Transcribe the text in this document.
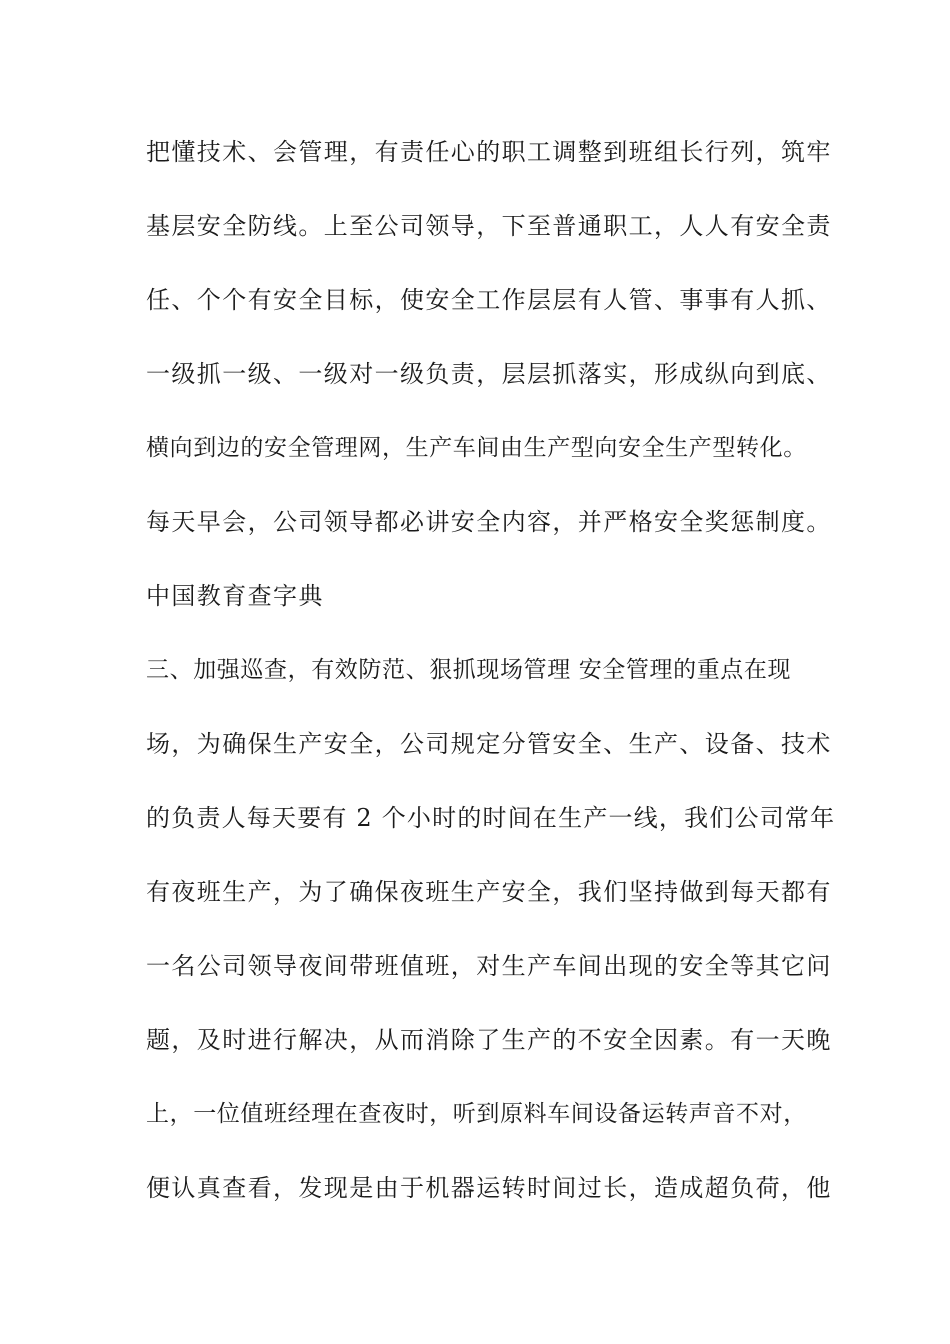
把懂技术、会管理，有责任心的职工调整到班组长行列，筑牢
基层安全防线。上至公司领导，下至普通职工，人人有安全责
任、个个有安全目标，使安全工作层层有人管、事事有人抓、
一级抓一级、一级对一级负责，层层抓落实，形成纵向到底、
横向到边的安全管理网，生产车间由生产型向安全生产型转化。
每天早会，公司领导都必讲安全内容，并严格安全奖惩制度。
中国教育查字典
三、加强巡查，有效防范、狠抓现场管理 安全管理的重点在现
场，为确保生产安全，公司规定分管安全、生产、设备、技术
的负责人每天要有 2 个小时的时间在生产一线，我们公司常年
有夜班生产，为了确保夜班生产安全，我们坚持做到每天都有
一名公司领导夜间带班值班，对生产车间出现的安全等其它问
题，及时进行解决，从而消除了生产的不安全因素。有一天晚
上，一位值班经理在查夜时，听到原料车间设备运转声音不对，
便认真查看，发现是由于机器运转时间过长，造成超负荷，他
